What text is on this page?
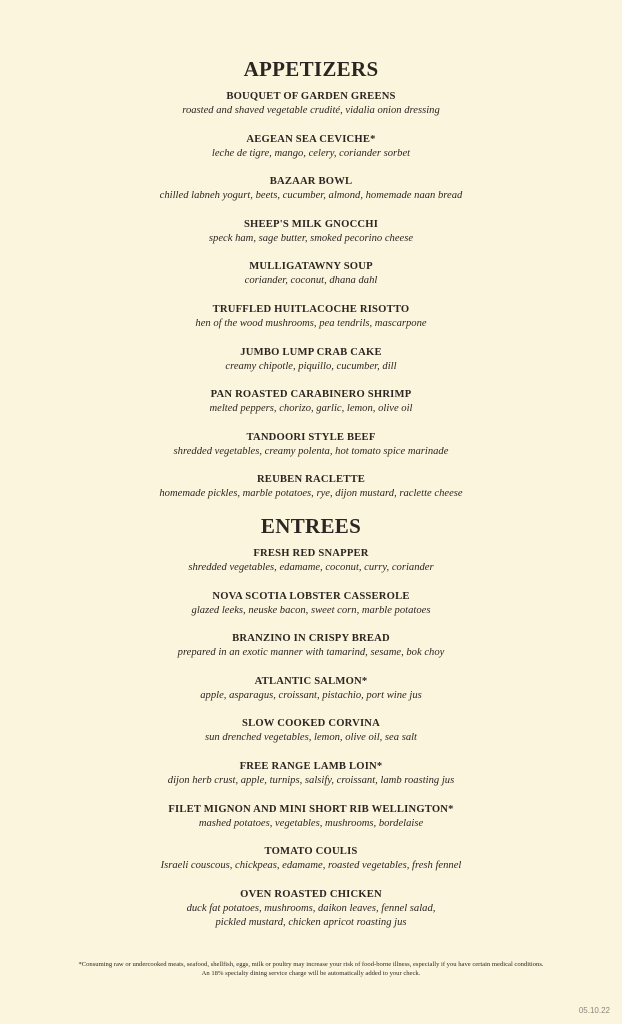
APPETIZERS
BOUQUET OF GARDEN GREENS
roasted and shaved vegetable crudité, vidalia onion dressing
AEGEAN SEA CEVICHE*
leche de tigre, mango, celery, coriander sorbet
BAZAAR BOWL
chilled labneh yogurt, beets, cucumber, almond, homemade naan bread
SHEEP'S MILK GNOCCHI
speck ham, sage butter, smoked pecorino cheese
MULLIGATAWNY SOUP
coriander, coconut, dhana dahl
TRUFFLED HUITLACOCHE RISOTTO
hen of the wood mushrooms, pea tendrils, mascarpone
JUMBO LUMP CRAB CAKE
creamy chipotle, piquillo, cucumber, dill
PAN ROASTED CARABINERO SHRIMP
melted peppers, chorizo, garlic, lemon, olive oil
TANDOORI STYLE BEEF
shredded vegetables, creamy polenta, hot tomato spice marinade
REUBEN RACLETTE
homemade pickles, marble potatoes, rye, dijon mustard, raclette cheese
ENTREES
FRESH RED SNAPPER
shredded vegetables, edamame, coconut, curry, coriander
NOVA SCOTIA LOBSTER CASSEROLE
glazed leeks, neuske bacon, sweet corn, marble potatoes
BRANZINO IN CRISPY BREAD
prepared in an exotic manner with tamarind, sesame, bok choy
ATLANTIC SALMON*
apple, asparagus, croissant, pistachio, port wine jus
SLOW COOKED CORVINA
sun drenched vegetables, lemon, olive oil, sea salt
FREE RANGE LAMB LOIN*
dijon herb crust, apple, turnips, salsify, croissant, lamb roasting jus
FILET MIGNON AND MINI SHORT RIB WELLINGTON*
mashed potatoes, vegetables, mushrooms, bordelaise
TOMATO COULIS
Israeli couscous, chickpeas, edamame, roasted vegetables, fresh fennel
OVEN ROASTED CHICKEN
duck fat potatoes, mushrooms, daikon leaves, fennel salad,
pickled mustard, chicken apricot roasting jus
*Consuming raw or undercooked meats, seafood, shellfish, eggs, milk or poultry may increase your risk of food-borne illness, especially if you have certain medical conditions.
An 18% specialty dining service charge will be automatically added to your check.
05.10.22
